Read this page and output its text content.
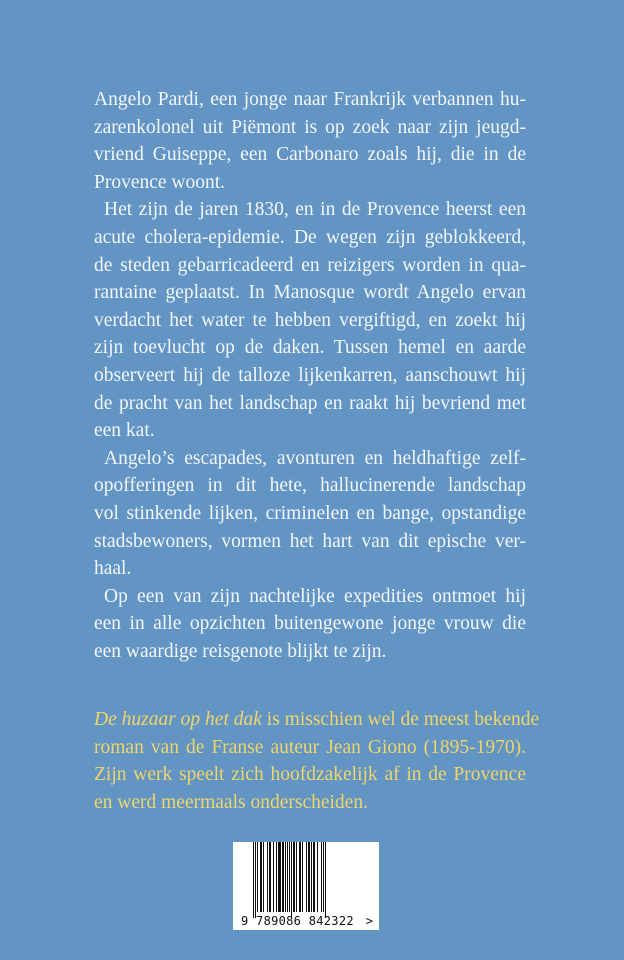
Angelo Pardi, een jonge naar Frankrijk verbannen hu-
zarenkolonel uit Piëmont is op zoek naar zijn jeugd-
vriend Guiseppe, een Carbonaro zoals hij, die in de
Provence woont.
Het zijn de jaren 1830, en in de Provence heerst een
acute cholera-epidemie. De wegen zijn geblokkeerd,
de steden gebarricadeerd en reizigers worden in qua-
rantaine geplaatst. In Manosque wordt Angelo ervan
verdacht het water te hebben vergiftigd, en zoekt hij
zijn toevlucht op de daken. Tussen hemel en aarde
observeert hij de talloze lijkenkarren, aanschouwt hij
de pracht van het landschap en raakt hij bevriend met
een kat.
Angelo’s escapades, avonturen en heldhaftige zelf-
opofferingen in dit hete, hallucinerende landschap
vol stinkende lijken, criminelen en bange, opstandige
stadsbewoners, vormen het hart van dit epische ver-
haal.
Op een van zijn nachtelijke expedities ontmoet hij
een in alle opzichten buitengewone jonge vrouw die
een waardige reisgenote blijkt te zijn.
De huzaar op het dak is misschien wel de meest bekende
roman van de Franse auteur Jean Giono (1895-1970).
Zijn werk speelt zich hoofdzakelijk af in de Provence
en werd meermaals onderscheiden.
9 789086 842322 >
